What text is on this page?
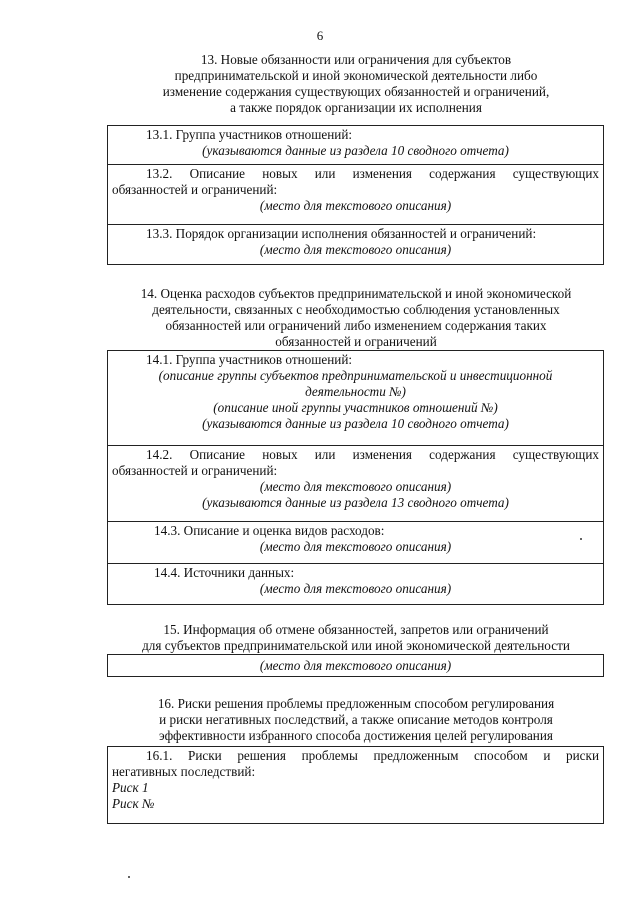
6
13. Новые обязанности или ограничения для субъектов
предпринимательской и иной экономической деятельности либо
изменение содержания существующих обязанностей и ограничений,
а также порядок организации их исполнения
13.1. Группа участников отношений:
(указываются данные из раздела 10 сводного отчета)
13.2. Описание новых или изменения содержания существующих
обязанностей и ограничений:
(место для текстового описания)
13.3. Порядок организации исполнения обязанностей и ограничений:
(место для текстового описания)
14. Оценка расходов субъектов предпринимательской и иной экономической
деятельности, связанных с необходимостью соблюдения установленных
обязанностей или ограничений либо изменением содержания таких
обязанностей и ограничений
14.1. Группа участников отношений:
(описание группы субъектов предпринимательской и инвестиционной
деятельности №)
(описание иной группы участников отношений №)
(указываются данные из раздела 10 сводного отчета)
14.2. Описание новых или изменения содержания существующих
обязанностей и ограничений:
(место для текстового описания)
(указываются данные из раздела 13 сводного отчета)
14.3. Описание и оценка видов расходов:
(место для текстового описания)
14.4. Источники данных:
(место для текстового описания)
15. Информация об отмене обязанностей, запретов или ограничений
для субъектов предпринимательской или иной экономической деятельности
(место для текстового описания)
16. Риски решения проблемы предложенным способом регулирования
и риски негативных последствий, а также описание методов контроля
эффективности избранного способа достижения целей регулирования
16.1. Риски решения проблемы предложенным способом и риски
негативных последствий:
Риск 1
Риск №
